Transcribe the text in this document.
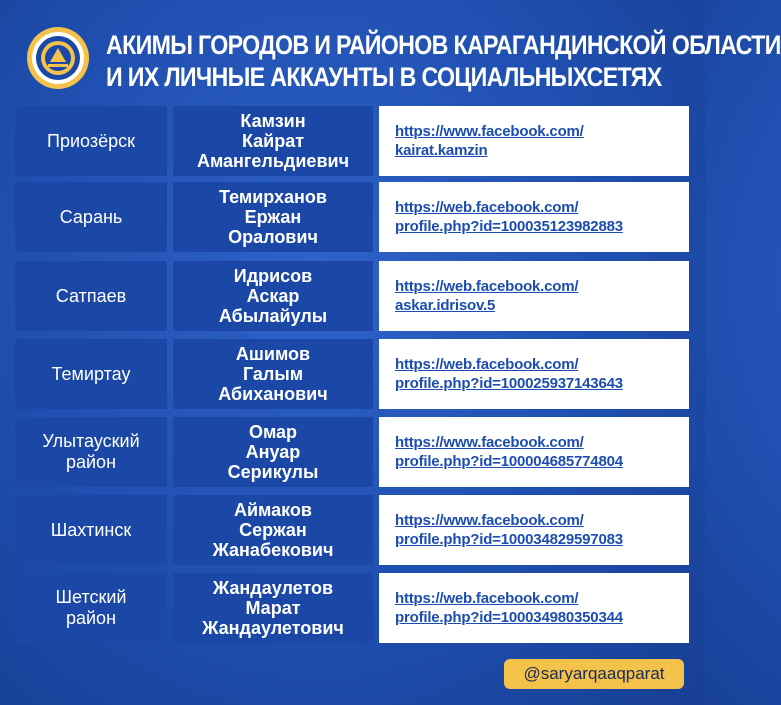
АКИМЫ ГОРОДОВ И РАЙОНОВ КАРАГАНДИНСКОЙ ОБЛАСТИ
И ИХ ЛИЧНЫЕ АККАУНТЫ В СОЦИАЛЬНЫХСЕТЯХ
Приозёрск
Камзин
Кайрат
Амангельдиевич
https://www.facebook.com/
kairat.kamzin
Сарань
Темирханов
Ержан
Оралович
https://web.facebook.com/
profile.php?id=100035123982883
Сатпаев
Идрисов
Аскар
Абылайулы
https://web.facebook.com/
askar.idrisov.5
Темиртау
Ашимов
Галым
Абиханович
https://web.facebook.com/
profile.php?id=100025937143643
Улытауский
район
Омар
Ануар
Серикулы
https://www.facebook.com/
profile.php?id=100004685774804
Шахтинск
Аймаков
Сержан
Жанабекович
https://www.facebook.com/
profile.php?id=100034829597083
Шетский
район
Жандаулетов
Марат
Жандаулетович
https://web.facebook.com/
profile.php?id=100034980350344
@saryarqaaqparat
